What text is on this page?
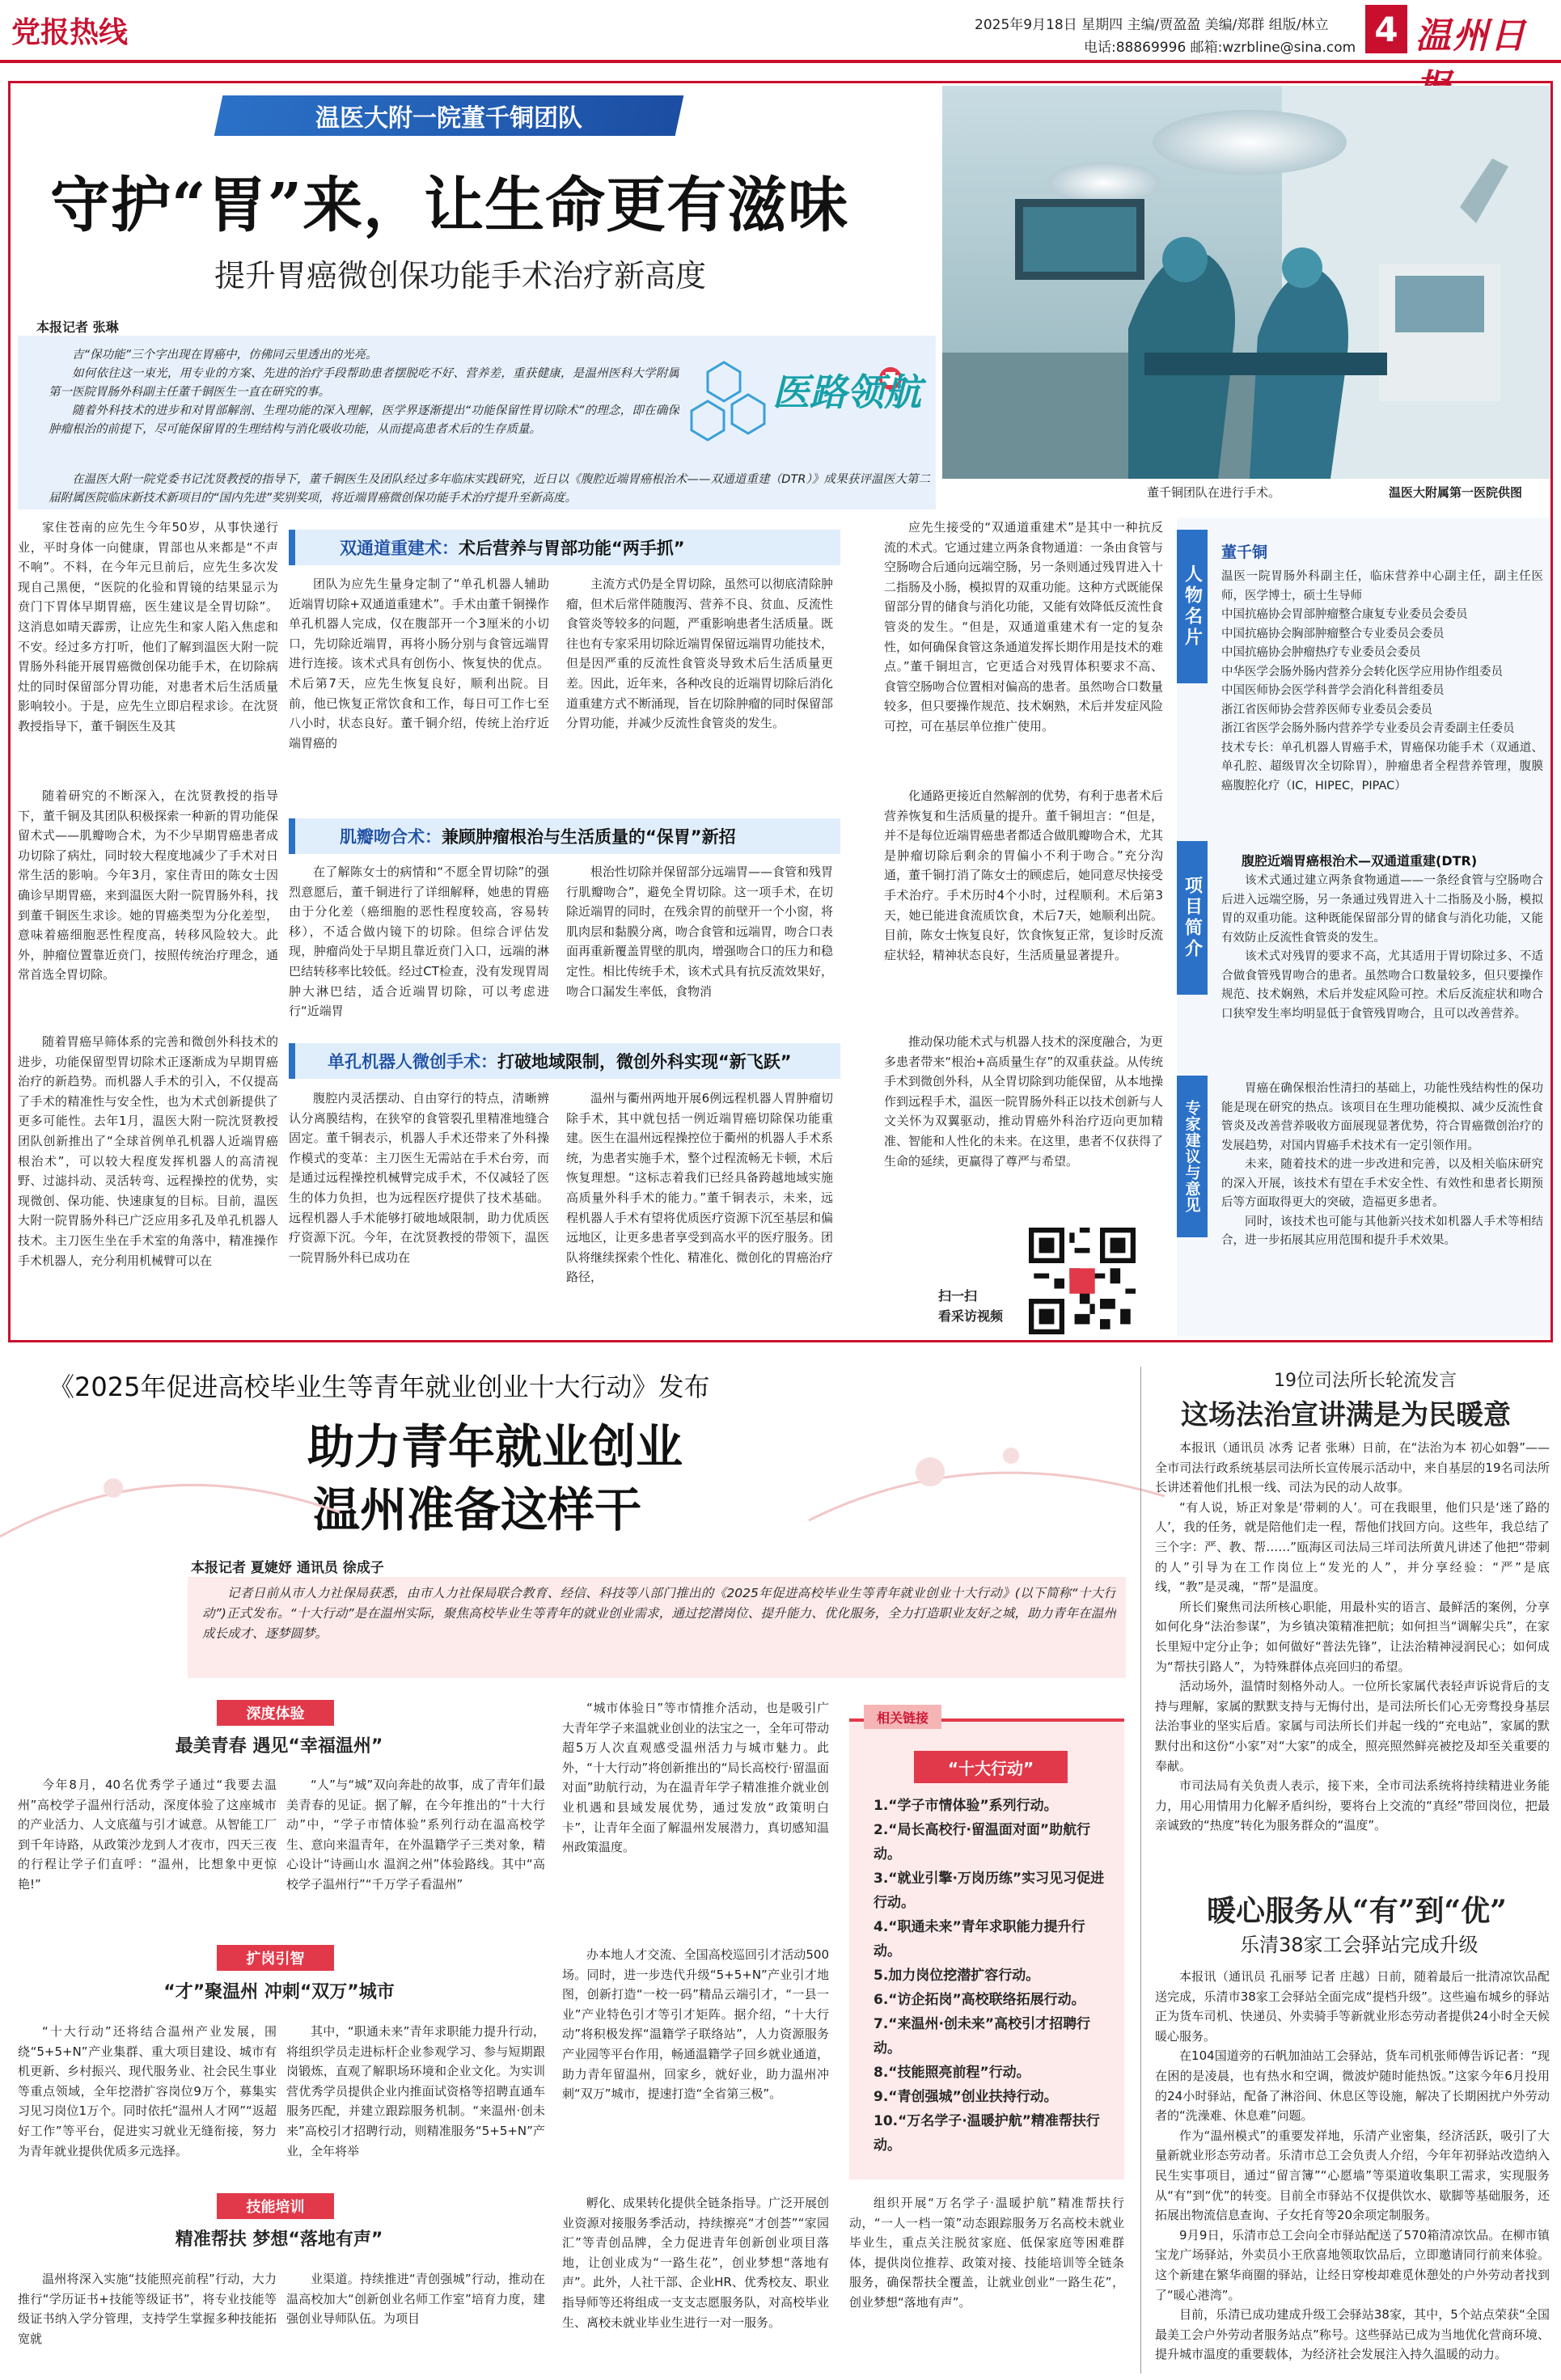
党报热线	2025年9月18日 星期四 主编/贾盈盈 美编/郑群 组版/林立
电话:88869996 邮箱:wzrbline@sina.com 4 温州日
温医大附一院董千铜团队
守护“胃”来，让生命更有滋味
提升胃癌微创保功能手术治疗新高度
本报记者 张琳

吉“保功能”三个字出现在胃癌中，仿佛同云里透出的光亮。

如何依往这一束光，用专业的方案、先进的治疗手段帮助患者摆脱吃不好、营养差，重获健康，是温州医科大学附属第一医院胃肠外科副主任董千铜医生一直在研究的事。

随着外科技术的进步和对胃部解剖、生理功能的深入理解，医学界逐渐提出“功能保留性胃切除术”的理念，即在确保肿瘤根治的前提下，尽可能保留胃的生理结构与消化吸收功能，从而提高患者术后的生存质量。

在温医大附一院党委书记沈贤教授的指导下，董千铜医生及团队经过多年临床实践研究，近日以《腹腔近端胃癌根治术——双通道重建（DTR）》成果获评温医大第二届附属医院临床新技术新项目的“国内先进”奖别奖项，将近端胃癌微创保功能手术治疗提升至新高度。

医路领航
董千铜团队在进行手术。	温医大附属第一医院供图

家住苍南的应先生今年50岁，从事快递行业，平时身体一向健康，胃部也从来都是“不声不响”。不料，在今年元旦前后，应先生多次发现自己黑便，“医院的化验和胃镜的结果显示为贲门下胃体早期胃癌，医生建议是全胃切除”。这消息如晴天霹雳，让应先生和家人陷入焦虑和不安。经过多方打听，他们了解到温医大附一院胃肠外科能开展胃癌微创保功能手术，在切除病灶的同时保留部分胃功能，对患者术后生活质量影响较小。于是，应先生立即启程求诊。在沈贤教授指导下，董千铜医生及其

双通道重建术： 术后营养与胃部功能“两手抓”

团队为应先生量身定制了“单孔机器人辅助近端胃切除+双通道重建术”。手术由董千铜操作单孔机器人完成，仅在腹部开一个3厘米的小切口，先切除近端胃，再将小肠分别与食管远端胃进行连接。该术式具有创伤小、恢复快的优点。术后第7天，应先生恢复良好，顺利出院。目前，他已恢复正常饮食和工作，每日可工作七至八小时，状态良好。董千铜介绍，传统上治疗近端胃癌的

主流方式仍是全胃切除，虽然可以彻底清除肿瘤，但术后常伴随腹泻、营养不良、贫血、反流性食管炎等较多的问题，严重影响患者生活质量。既往也有专家采用切除近端胃保留远端胃功能技术，但是因严重的反流性食管炎导致术后生活质量更差。因此，近年来，各种改良的近端胃切除后消化道重建方式不断涌现，旨在切除肿瘤的同时保留部分胃功能，并减少反流性食管炎的发生。

应先生接受的“双通道重建术”是其中一种抗反流的术式。它通过建立两条食物通道：一条由食管与空肠吻合后通向远端空肠，另一条则通过残胃进入十二指肠及小肠，模拟胃的双重功能。这种方式既能保留部分胃的储食与消化功能，又能有效降低反流性食管炎的发生。“但是，双通道重建术有一定的复杂性，如何确保食管这条通道发挥长期作用是技术的难点。”董千铜坦言，它更适合对残胃体积要求不高、食管空肠吻合位置相对偏高的患者。虽然吻合口数量较多，但只要操作规范、技术娴熟，术后并发症风险可控，可在基层单位推广使用。

随着研究的不断深入，在沈贤教授的指导下，董千铜及其团队积极探索一种新的胃功能保留术式——肌瓣吻合术，为不少早期胃癌患者成功切除了病灶，同时较大程度地减少了手术对日常生活的影响。今年3月，家住青田的陈女士因确诊早期胃癌，来到温医大附一院胃肠外科，找到董千铜医生求诊。她的胃癌类型为分化差型，意味着癌细胞恶性程度高，转移风险较大。此外，肿瘤位置靠近贲门，按照传统治疗理念，通常首选全胃切除。

肌瓣吻合术： 兼顾肿瘤根治与生活质量的“保胃”新招

在了解陈女士的病情和“不愿全胃切除”的强烈意愿后，董千铜进行了详细解释，她患的胃癌由于分化差（癌细胞的恶性程度较高，容易转移），不适合做内镜下的切除。但综合评估发现，肿瘤尚处于早期且靠近贲门入口，远端的淋巴结转移率比较低。经过CT检查，没有发现胃周肿大淋巴结，适合近端胃切除，可以考虑进行“近端胃

根治性切除并保留部分远端胃——食管和残胃行肌瓣吻合”，避免全胃切除。这一项手术，在切除近端胃的同时，在残余胃的前壁开一个小窗，将肌肉层和黏膜分离，吻合食管和远端胃，吻合口表面再重新覆盖胃壁的肌肉，增强吻合口的压力和稳定性。相比传统手术，该术式具有抗反流效果好，吻合口漏发生率低，食物消

化通路更接近自然解剖的优势，有利于患者术后营养恢复和生活质量的提升。董千铜坦言：“但是，并不是每位近端胃癌患者都适合做肌瓣吻合术，尤其是肿瘤切除后剩余的胃偏小不利于吻合。”充分沟通，董千铜打消了陈女士的顾虑后，她同意尽快接受手术治疗。手术历时4个小时，过程顺利。术后第3天，她已能进食流质饮食，术后7天，她顺利出院。目前，陈女士恢复良好，饮食恢复正常，复诊时反流症状轻，精神状态良好，生活质量显著提升。

随着胃癌早筛体系的完善和微创外科技术的进步，功能保留型胃切除术正逐渐成为早期胃癌治疗的新趋势。而机器人手术的引入，不仅提高了手术的精准性与安全性，也为术式创新提供了更多可能性。去年1月，温医大附一院沈贤教授团队创新推出了“全球首例单孔机器人近端胃癌根治术”，可以较大程度发挥机器人的高清视野、过滤抖动、灵活转弯、远程操控的优势，实现微创、保功能、快速康复的目标。目前，温医大附一院胃肠外科已广泛应用多孔及单孔机器人技术。主刀医生坐在手术室的角落中，精准操作手术机器人，充分利用机械臂可以在

单孔机器人微创手术： 打破地域限制，微创外科实现“新飞跃”

腹腔内灵活摆动、自由穿行的特点，清晰辨认分离膜结构，在狭窄的食管裂孔里精准地缝合固定。董千铜表示，机器人手术还带来了外科操作模式的变革：主刀医生无需站在手术台旁，而是通过远程操控机械臂完成手术，不仅减轻了医生的体力负担，也为远程医疗提供了技术基础。远程机器人手术能够打破地域限制，助力优质医疗资源下沉。今年，在沈贤教授的带领下，温医一院胃肠外科已成功在

温州与衢州两地开展6例远程机器人胃肿瘤切除手术，其中就包括一例近端胃癌切除保功能重建。医生在温州远程操控位于衢州的机器人手术系统，为患者实施手术，整个过程流畅无卡顿，术后恢复理想。“这标志着我们已经具备跨越地域实施高质量外科手术的能力。”董千铜表示，未来，远程机器人手术有望将优质医疗资源下沉至基层和偏远地区，让更多患者享受到高水平的医疗服务。团队将继续探索个性化、精准化、微创化的胃癌治疗路径，

推动保功能术式与机器人技术的深度融合，为更多患者带来“根治+高质量生存”的双重获益。从传统手术到微创外科，从全胃切除到功能保留，从本地操作到远程手术，温医一院胃肠外科正以技术创新与人文关怀为双翼驱动，推动胃癌外科治疗迈向更加精准、智能和人性化的未来。在这里，患者不仅获得了生命的延续，更赢得了尊严与希望。

扫一扫
看采访视频
人物名片
董千铜

温医一院胃肠外科副主任，临床营养中心副主任，副主任医师，医学博士，硕士生导师

中国抗癌协会胃部肿瘤整合康复专业委员会委员

中国抗癌协会胸部肿瘤整合专业委员会委员

中国抗癌协会肿瘤热疗专业委员会委员

中华医学会肠外肠内营养分会转化医学应用协作组委员

中国医师协会医学科普学会消化科普组委员

浙江省医师协会营养医师专业委员会委员

浙江省医学会肠外肠内营养学专业委员会青委副主任委员

技术专长：单孔机器人胃癌手术，胃癌保功能手术（双通道、单孔腔、超级胃次全切除胃），肿瘤患者全程营养管理，腹膜癌腹腔化疗（IC，HIPEC，PIPAC）

项目简介
腹腔近端胃癌根治术—双通道重建(DTR)

该术式通过建立两条食物通道——一条经食管与空肠吻合后进入远端空肠，另一条通过残胃进入十二指肠及小肠，模拟胃的双重功能。这种既能保留部分胃的储食与消化功能，又能有效防止反流性食管炎的发生。

该术式对残胃的要求不高，尤其适用于胃切除过多、不适合做食管残胃吻合的患者。虽然吻合口数量较多，但只要操作规范、技术娴熟，术后并发症风险可控。术后反流症状和吻合口狭窄发生率均明显低于食管残胃吻合，且可以改善营养。

专家建议与意见

胃癌在确保根治性清扫的基础上，功能性残结构性的保功能是现在研究的热点。该项目在生理功能模拟、减少反流性食管炎及改善营养吸收方面展现显著优势，符合胃癌微创治疗的发展趋势，对国内胃癌手术技术有一定引领作用。

未来，随着技术的进一步改进和完善，以及相关临床研究的深入开展，该技术有望在手术安全性、有效性和患者长期预后等方面取得更大的突破，造福更多患者。

同时，该技术也可能与其他新兴技术如机器人手术等相结合，进一步拓展其应用范围和提升手术效果。

《2025年促进高校毕业生等青年就业创业十大行动》发布
助力青年就业创业
温州准备这样干
本报记者 夏婕妤 通讯员 徐成子

记者日前从市人力社保局获悉，由市人力社保局联合教育、经信、科技等八部门推出的《2025年促进高校毕业生等青年就业创业十大行动》(以下简称“十大行动”)正式发布。“十大行动”是在温州实际，聚焦高校毕业生等青年的就业创业需求，通过挖潜岗位、提升能力、优化服务，全力打造职业友好之城，助力青年在温州成长成才、逐梦圆梦。

深度体验
最美青春 遇见“幸福温州”

今年8月，40名优秀学子通过“我要去温州”高校学子温州行活动，深度体验了这座城市的产业活力、人文底蕴与引才诚意。从智能工厂到千年诗路，从政策沙龙到人才夜市，四天三夜的行程让学子们直呼：“温州，比想象中更惊艳!”

“人”与“城”双向奔赴的故事，成了青年们最美青春的见证。据了解，在今年推出的“十大行动”中，“学子市情体验”系列行动在温高校学生、意向来温青年，在外温籍学子三类对象，精心设计“诗画山水 温润之州”体验路线。其中“高校学子温州行”“千万学子看温州”

“城市体验日”等市情推介活动，也是吸引广大青年学子来温就业创业的法宝之一，全年可带动超5万人次直观感受温州活力与城市魅力。此外，“十大行动”将创新推出的“局长高校行·留温面对面”助航行动，为在温青年学子精准推介就业创业机遇和县域发展优势，通过发放“政策明白卡”，让青年全面了解温州发展潜力，真切感知温州政策温度。

扩岗引智
“才”聚温州 冲刺“双万”城市

“十大行动”还将结合温州产业发展，围绕“5+5+N”产业集群、重大项目建设、城市有机更新、乡村振兴、现代服务业、社会民生事业等重点领域，全年挖潜扩容岗位9万个，募集实习见习岗位1万个。同时依托“温州人才网”“返超好工作”等平台，促进实习就业无缝衔接，努力为青年就业提供优质多元选择。

其中，“职通未来”青年求职能力提升行动，将组织学员走进标杆企业参观学习、参与短期跟岗锻炼，直观了解职场环境和企业文化。为实训营优秀学员提供企业内推面试资格等招聘直通车服务匹配，并建立跟踪服务机制。“来温州·创未来”高校引才招聘行动，则精准服务“5+5+N”产业，全年将举

办本地人才交流、全国高校巡回引才活动500场。同时，进一步迭代升级“5+5+N”产业引才地图，创新打造“一校一码”精品云端引才，“一县一业”产业特色引才等引才矩阵。据介绍，“十大行动”将积极发挥“温籍学子联络站”，人力资源服务产业园等平台作用，畅通温籍学子回乡就业通道，助力青年留温州，回家乡，就好业，助力温州冲刺“双万”城市，提速打造“全省第三极”。

技能培训
精准帮扶 梦想“落地有声”

温州将深入实施“技能照亮前程”行动，大力推行“学历证书+技能等级证书”，将专业技能等级证书纳入学分管理，支持学生掌握多种技能拓宽就

业渠道。持续推进“青创强城”行动，推动在温高校加大“创新创业名师工作室”培育力度，建强创业导师队伍。为项目

孵化、成果转化提供全链条指导。广泛开展创业资源对接服务季活动，持续擦亮“才创荟”“家园汇”等青创品牌，全力促进青年创新创业项目落地，让创业成为“一路生花”，创业梦想“落地有声”。此外，人社干部、企业HR、优秀校友、职业指导师等还将组成一支支志愿服务队，对高校毕业生、离校未就业毕业生进行一对一服务。

组织开展“万名学子·温暖护航”精准帮扶行动，“一人一档一策”动态跟踪服务万名高校未就业毕业生，重点关注脱贫家庭、低保家庭等困难群体，提供岗位推荐、政策对接、技能培训等全链条服务，确保帮扶全覆盖，让就业创业“一路生花”，创业梦想“落地有声”。

相关链接
“十大行动”
1.“学子市情体验”系列行动。
2.“局长高校行·留温面对面”助航行动。
3.“就业引擎·万岗历练”实习见习促进行动。
4.“职通未来”青年求职能力提升行动。
5.加力岗位挖潜扩容行动。
6.“访企拓岗”高校联络拓展行动。
7.“来温州·创未来”高校引才招聘行动。
8.“技能照亮前程”行动。
9.“青创强城”创业扶持行动。
10.“万名学子·温暖护航”精准帮扶行动。
19位司法所长轮流发言
这场法治宣讲满是为民暖意

本报讯（通讯员 冰秀 记者 张琳）日前，在“法治为本 初心如磐”——全市司法行政系统基层司法所长宣传展示活动中，来自基层的19名司法所长讲述着他们扎根一线、司法为民的动人故事。

“有人说，矫正对象是‘带刺的人’。可在我眼里，他们只是‘迷了路的人’，我的任务，就是陪他们走一程，帮他们找回方向。这些年，我总结了三个字：严、教、帮……”瓯海区司法局三垟司法所黄凡讲述了他把“带刺的人”引导为在工作岗位上“发光的人”，并分享经验：“严”是底线，“教”是灵魂，“帮”是温度。

所长们聚焦司法所核心职能，用最朴实的语言、最鲜活的案例，分享如何化身“法治参谋”，为乡镇决策精准把航；如何担当“调解尖兵”，在家长里短中定分止争；如何做好“普法先锋”，让法治精神浸润民心；如何成为“帮扶引路人”，为特殊群体点亮回归的希望。

活动场外，温情时刻格外动人。一位所长家属代表轻声诉说背后的支持与理解，家属的默默支持与无悔付出，是司法所长们心无旁骛投身基层法治事业的坚实后盾。家属与司法所长们并起一线的“充电站”，家属的默默付出和这份“小家”对“大家”的成全，照亮照然鲜亮被挖及却至关重要的奉献。

市司法局有关负责人表示，接下来，全市司法系统将持续精进业务能力，用心用情用力化解矛盾纠纷，要将台上交流的“真经”带回岗位，把最亲诚致的“热度”转化为服务群众的“温度”。

暖心服务从“有”到“优”
乐清38家工会驿站完成升级

本报讯（通讯员 孔丽琴 记者 庄越）日前，随着最后一批清凉饮品配送完成，乐清市38家工会驿站全面完成“提档升级”。这些遍布城乡的驿站正为货车司机、快递员、外卖骑手等新就业形态劳动者提供24小时全天候暖心服务。

在104国道旁的石帆加油站工会驿站，货车司机张师傅告诉记者：“现在困的是凌晨，也有热水和空调，微波炉随时能热饭。”这家今年6月投用的24小时驿站，配备了淋浴间、休息区等设施，解决了长期困扰户外劳动者的“洗澡难、休息难”问题。

作为“温州模式”的重要发祥地，乐清产业密集，经济活跃，吸引了大量新就业形态劳动者。乐清市总工会负责人介绍，今年年初驿站改造纳入民生实事项目，通过“留言簿”“心愿墙”等渠道收集职工需求，实现服务从“有”到“优”的转变。目前全市驿站不仅提供饮水、歇脚等基础服务，还拓展出物流信息查询、子女托育等20余项定制服务。

9月9日，乐清市总工会向全市驿站配送了570箱清凉饮品。在柳市镇宝龙广场驿站，外卖员小王欣喜地领取饮品后，立即邀请同行前来体验。这个新建在繁华商圈的驿站，让经日穿梭却难觅休憩处的户外劳动者找到了“暖心港湾”。

目前，乐清已成功建成升级工会驿站38家，其中，5个站点荣获“全国最美工会户外劳动者服务站点”称号。这些驿站已成为当地优化营商环境、提升城市温度的重要载体，为经济社会发展注入持久温暖的动力。
